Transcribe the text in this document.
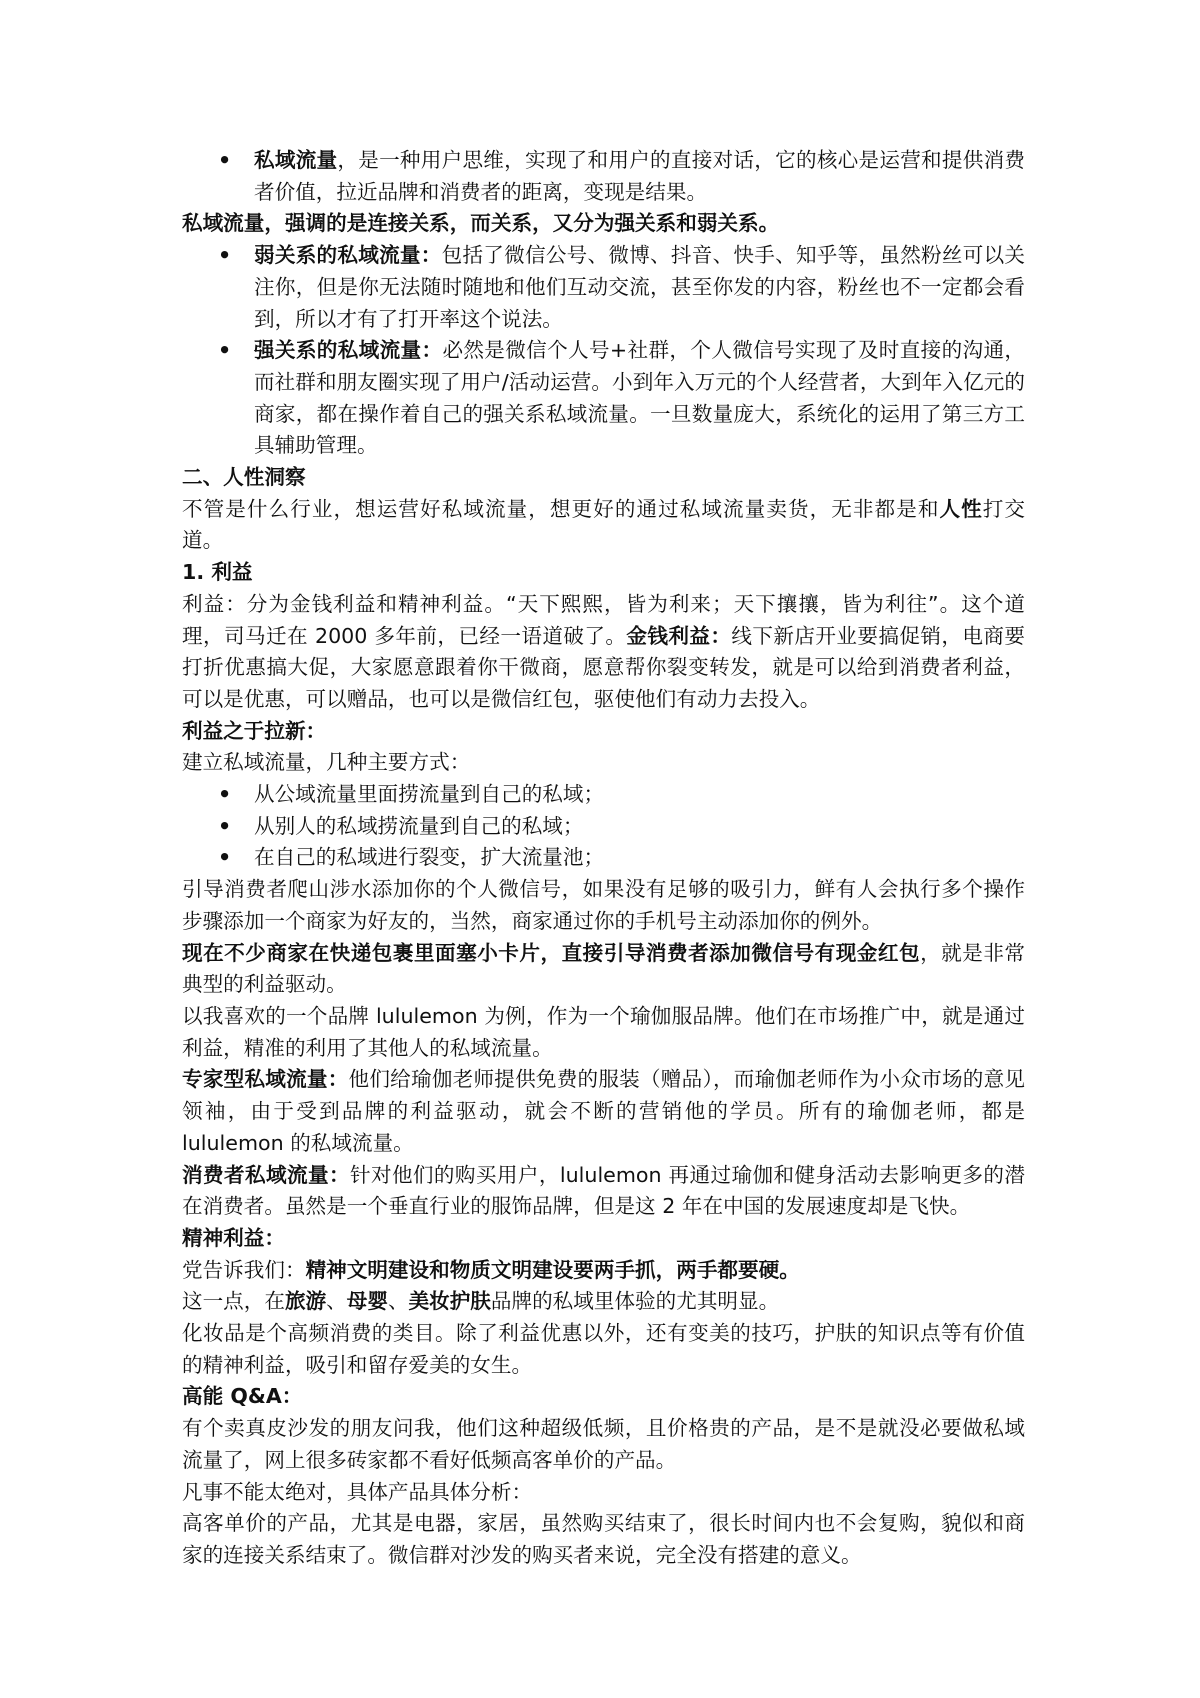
• 私域流量，是一种用户思维，实现了和用户的直接对话，它的核心是运营和提供消费者价值，拉近品牌和消费者的距离，变现是结果。

私域流量，强调的是连接关系，而关系，又分为强关系和弱关系。

• 弱关系的私域流量：包括了微信公号、微博、抖音、快手、知乎等，虽然粉丝可以关注你，但是你无法随时随地和他们互动交流，甚至你发的内容，粉丝也不一定都会看到，所以才有了打开率这个说法。

• 强关系的私域流量：必然是微信个人号+社群，个人微信号实现了及时直接的沟通，而社群和朋友圈实现了用户/活动运营。小到年入万元的个人经营者，大到年入亿元的商家，都在操作着自己的强关系私域流量。一旦数量庞大，系统化的运用了第三方工具辅助管理。

二、人性洞察

不管是什么行业，想运营好私域流量，想更好的通过私域流量卖货，无非都是和人性打交道。

1. 利益

利益：分为金钱利益和精神利益。“天下熙熙，皆为利来；天下攘攘，皆为利往”。这个道理，司马迁在 2000 多年前，已经一语道破了。金钱利益：线下新店开业要搞促销，电商要打折优惠搞大促，大家愿意跟着你干微商，愿意帮你裂变转发，就是可以给到消费者利益，可以是优惠，可以赠品，也可以是微信红包，驱使他们有动力去投入。

利益之于拉新：

建立私域流量，几种主要方式：

• 从公域流量里面捞流量到自己的私域；

• 从别人的私域捞流量到自己的私域；

• 在自己的私域进行裂变，扩大流量池；

引导消费者爬山涉水添加你的个人微信号，如果没有足够的吸引力，鲜有人会执行多个操作步骤添加一个商家为好友的，当然，商家通过你的手机号主动添加你的例外。

现在不少商家在快递包裹里面塞小卡片，直接引导消费者添加微信号有现金红包，就是非常典型的利益驱动。

以我喜欢的一个品牌 lululemon 为例，作为一个瑜伽服品牌。他们在市场推广中，就是通过利益，精准的利用了其他人的私域流量。

专家型私域流量：他们给瑜伽老师提供免费的服装（赠品），而瑜伽老师作为小众市场的意见领袖，由于受到品牌的利益驱动，就会不断的营销他的学员。所有的瑜伽老师，都是 lululemon 的私域流量。

消费者私域流量：针对他们的购买用户，lululemon 再通过瑜伽和健身活动去影响更多的潜在消费者。虽然是一个垂直行业的服饰品牌，但是这 2 年在中国的发展速度却是飞快。

精神利益：

党告诉我们：精神文明建设和物质文明建设要两手抓，两手都要硬。

这一点，在旅游、母婴、美妆护肤品牌的私域里体验的尤其明显。

化妆品是个高频消费的类目。除了利益优惠以外，还有变美的技巧，护肤的知识点等有价值的精神利益，吸引和留存爱美的女生。

高能 Q&A：

有个卖真皮沙发的朋友问我，他们这种超级低频，且价格贵的产品，是不是就没必要做私域流量了，网上很多砖家都不看好低频高客单价的产品。

凡事不能太绝对，具体产品具体分析：

高客单价的产品，尤其是电器，家居，虽然购买结束了，很长时间内也不会复购，貌似和商家的连接关系结束了。微信群对沙发的购买者来说，完全没有搭建的意义。
